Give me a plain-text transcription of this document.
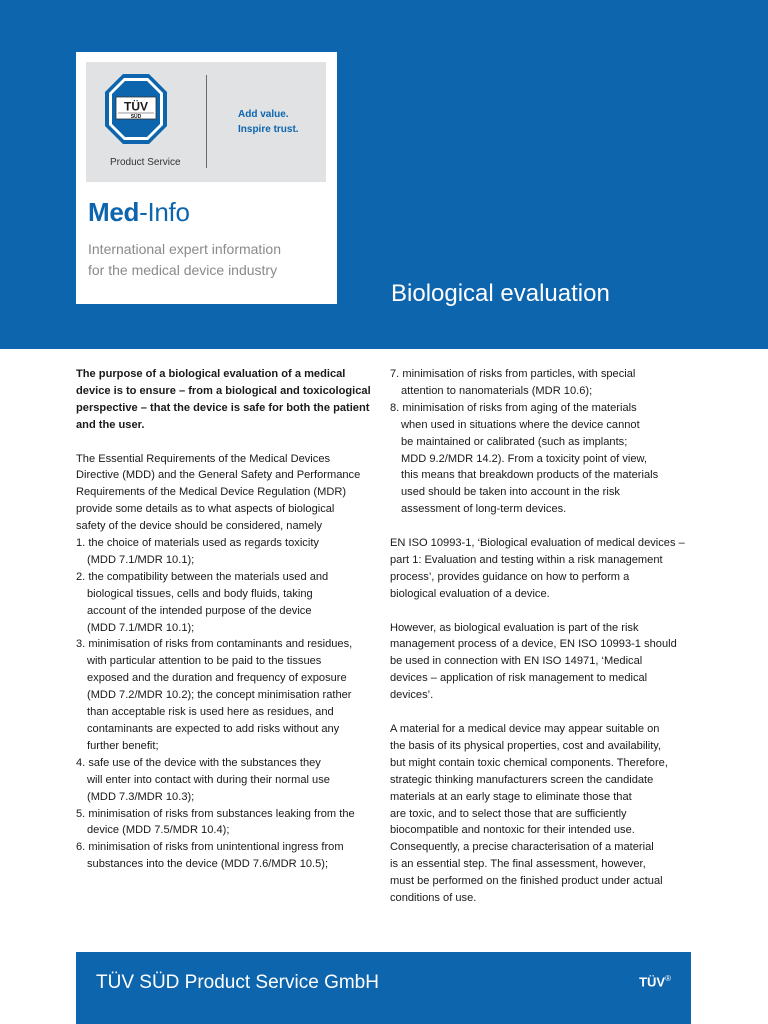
TÜV
SÜD
Product Service
Add value.
Inspire trust.
Med-Info
International expert information
for the medical device industry
Biological evaluation
The purpose of a biological evaluation of a medical
device is to ensure – from a biological and toxicological
perspective – that the device is safe for both the patient
and the user.
The Essential Requirements of the Medical Devices
Directive (MDD) and the General Safety and Performance
Requirements of the Medical Device Regulation (MDR)
provide some details as to what aspects of biological
safety of the device should be considered, namely
1. the choice of materials used as regards toxicity
(MDD 7.1/MDR 10.1);
2. the compatibility between the materials used and
biological tissues, cells and body fluids, taking
account of the intended purpose of the device
(MDD 7.1/MDR 10.1);
3. minimisation of risks from contaminants and residues,
with particular attention to be paid to the tissues
exposed and the duration and frequency of exposure
(MDD 7.2/MDR 10.2); the concept minimisation rather
than acceptable risk is used here as residues, and
contaminants are expected to add risks without any
further benefit;
4. safe use of the device with the substances they
will enter into contact with during their normal use
(MDD 7.3/MDR 10.3);
5. minimisation of risks from substances leaking from the
device (MDD 7.5/MDR 10.4);
6. minimisation of risks from unintentional ingress from
substances into the device (MDD 7.6/MDR 10.5);
7. minimisation of risks from particles, with special
attention to nanomaterials (MDR 10.6);
8. minimisation of risks from aging of the materials
when used in situations where the device cannot
be maintained or calibrated (such as implants;
MDD 9.2/MDR 14.2). From a toxicity point of view,
this means that breakdown products of the materials
used should be taken into account in the risk
assessment of long-term devices.
EN ISO 10993-1, ‘Biological evaluation of medical devices –
part 1: Evaluation and testing within a risk management
process’, provides guidance on how to perform a
biological evaluation of a device.
However, as biological evaluation is part of the risk
management process of a device, EN ISO 10993-1 should
be used in connection with EN ISO 14971, ‘Medical
devices – application of risk management to medical
devices’.
A material for a medical device may appear suitable on
the basis of its physical properties, cost and availability,
but might contain toxic chemical components. Therefore,
strategic thinking manufacturers screen the candidate
materials at an early stage to eliminate those that
are toxic, and to select those that are sufficiently
biocompatible and nontoxic for their intended use.
Consequently, a precise characterisation of a material
is an essential step. The final assessment, however,
must be performed on the finished product under actual
conditions of use.
TÜV SÜD Product Service GmbH	TÜV®
